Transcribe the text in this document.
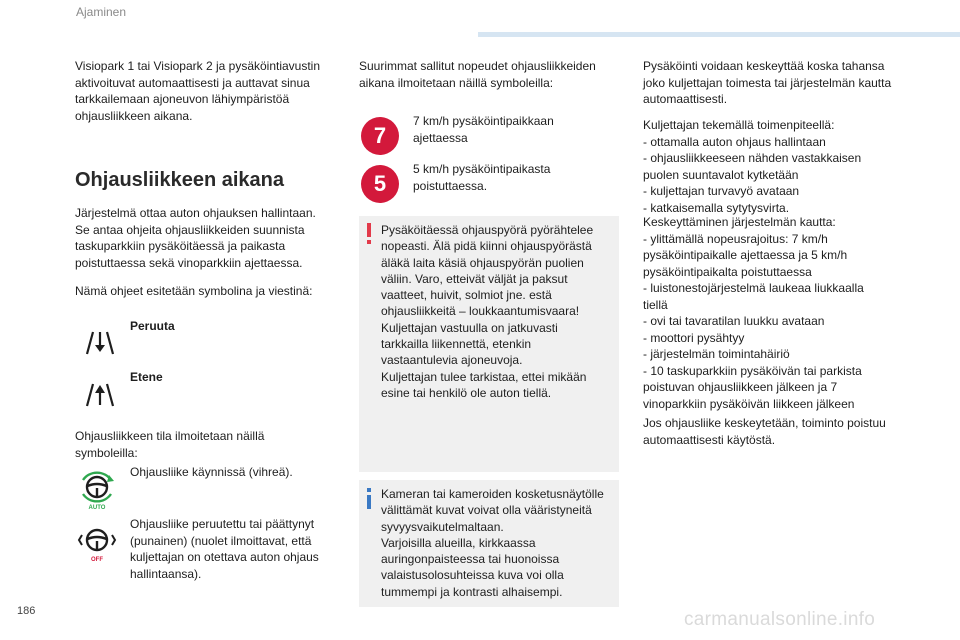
Ajaminen
Visiopark 1 tai Visiopark 2 ja pysäköintiavustin
aktivoituvat automaattisesti ja auttavat sinua
tarkkailemaan ajoneuvon lähiympäristöä
ohjausliikkeen aikana.
Ohjausliikkeen aikana
Järjestelmä ottaa auton ohjauksen hallintaan.
Se antaa ohjeita ohjausliikkeiden suunnista
taskuparkkiin pysäköitäessä ja paikasta
poistuttaessa sekä vinoparkkiin ajettaessa.
Nämä ohjeet esitetään symbolina ja viestinä:
Peruuta
Etene
Ohjausliikkeen tila ilmoitetaan näillä
symboleilla:
AUTO
Ohjausliike käynnissä (vihreä).
OFF
Ohjausliike peruutettu tai päättynyt
(punainen) (nuolet ilmoittavat, että
kuljettajan on otettava auton ohjaus
hallintaansa).
Suurimmat sallitut nopeudet ohjausliikkeiden
aikana ilmoitetaan näillä symboleilla:
7
7 km/h pysäköintipaikkaan
ajettaessa
5
5 km/h pysäköintipaikasta
poistuttaessa.
Pysäköitäessä ohjauspyörä pyörähtelee
nopeasti. Älä pidä kiinni ohjauspyörästä
äläkä laita käsiä ohjauspyörän puolien
väliin. Varo, etteivät väljät ja paksut
vaatteet, huivit, solmiot jne. estä
ohjausliikkeitä – loukkaantumisvaara!
Kuljettajan vastuulla on jatkuvasti
tarkkailla liikennettä, etenkin
vastaantulevia ajoneuvoja.
Kuljettajan tulee tarkistaa, ettei mikään
esine tai henkilö ole auton tiellä.
Kameran tai kameroiden kosketusnäytölle
välittämät kuvat voivat olla vääristyneitä
syvyysvaikutelmaltaan.
Varjoisilla alueilla, kirkkaassa
auringonpaisteessa tai huonoissa
valaistusolosuhteissa kuva voi olla
tummempi ja kontrasti alhaisempi.
Pysäköinti voidaan keskeyttää koska tahansa
joko kuljettajan toimesta tai järjestelmän kautta
automaattisesti.
Kuljettajan tekemällä toimenpiteellä:
- ottamalla auton ohjaus hallintaan
- ohjausliikkeeseen nähden vastakkaisen
puolen suuntavalot kytketään
- kuljettajan turvavyö avataan
- katkaisemalla sytytysvirta.
Keskeyttäminen järjestelmän kautta:
- ylittämällä nopeusrajoitus: 7 km/h
pysäköintipaikalle ajettaessa ja 5 km/h
pysäköintipaikalta poistuttaessa
- luistonestojärjestelmä laukeaa liukkaalla
tiellä
- ovi tai tavaratilan luukku avataan
- moottori pysähtyy
- järjestelmän toimintahäiriö
- 10 taskuparkkiin pysäköivän tai parkista
poistuvan ohjausliikkeen jälkeen ja 7
vinoparkkiin pysäköivän liikkeen jälkeen
Jos ohjausliike keskeytetään, toiminto poistuu
automaattisesti käytöstä.
186	carmanualsonline.info
